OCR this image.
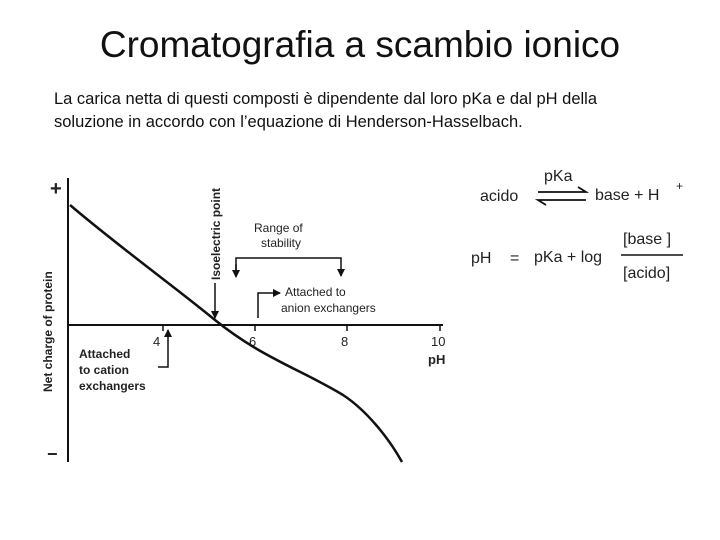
Cromatografia a scambio ionico

La carica netta di questi composti è dipendente dal loro pKa e dal pH della

soluzione in accordo con l’equazione di Henderson-Hasselbach.

+
−
Net charge of protein	4	6	8	10
pH
Isoelectric point	Range of
stability
Attached to
anion exchangers
Attached
to cation
exchangers
pKa
acido	base + H
+
pH = pKa + log
[base ]
[acido]
